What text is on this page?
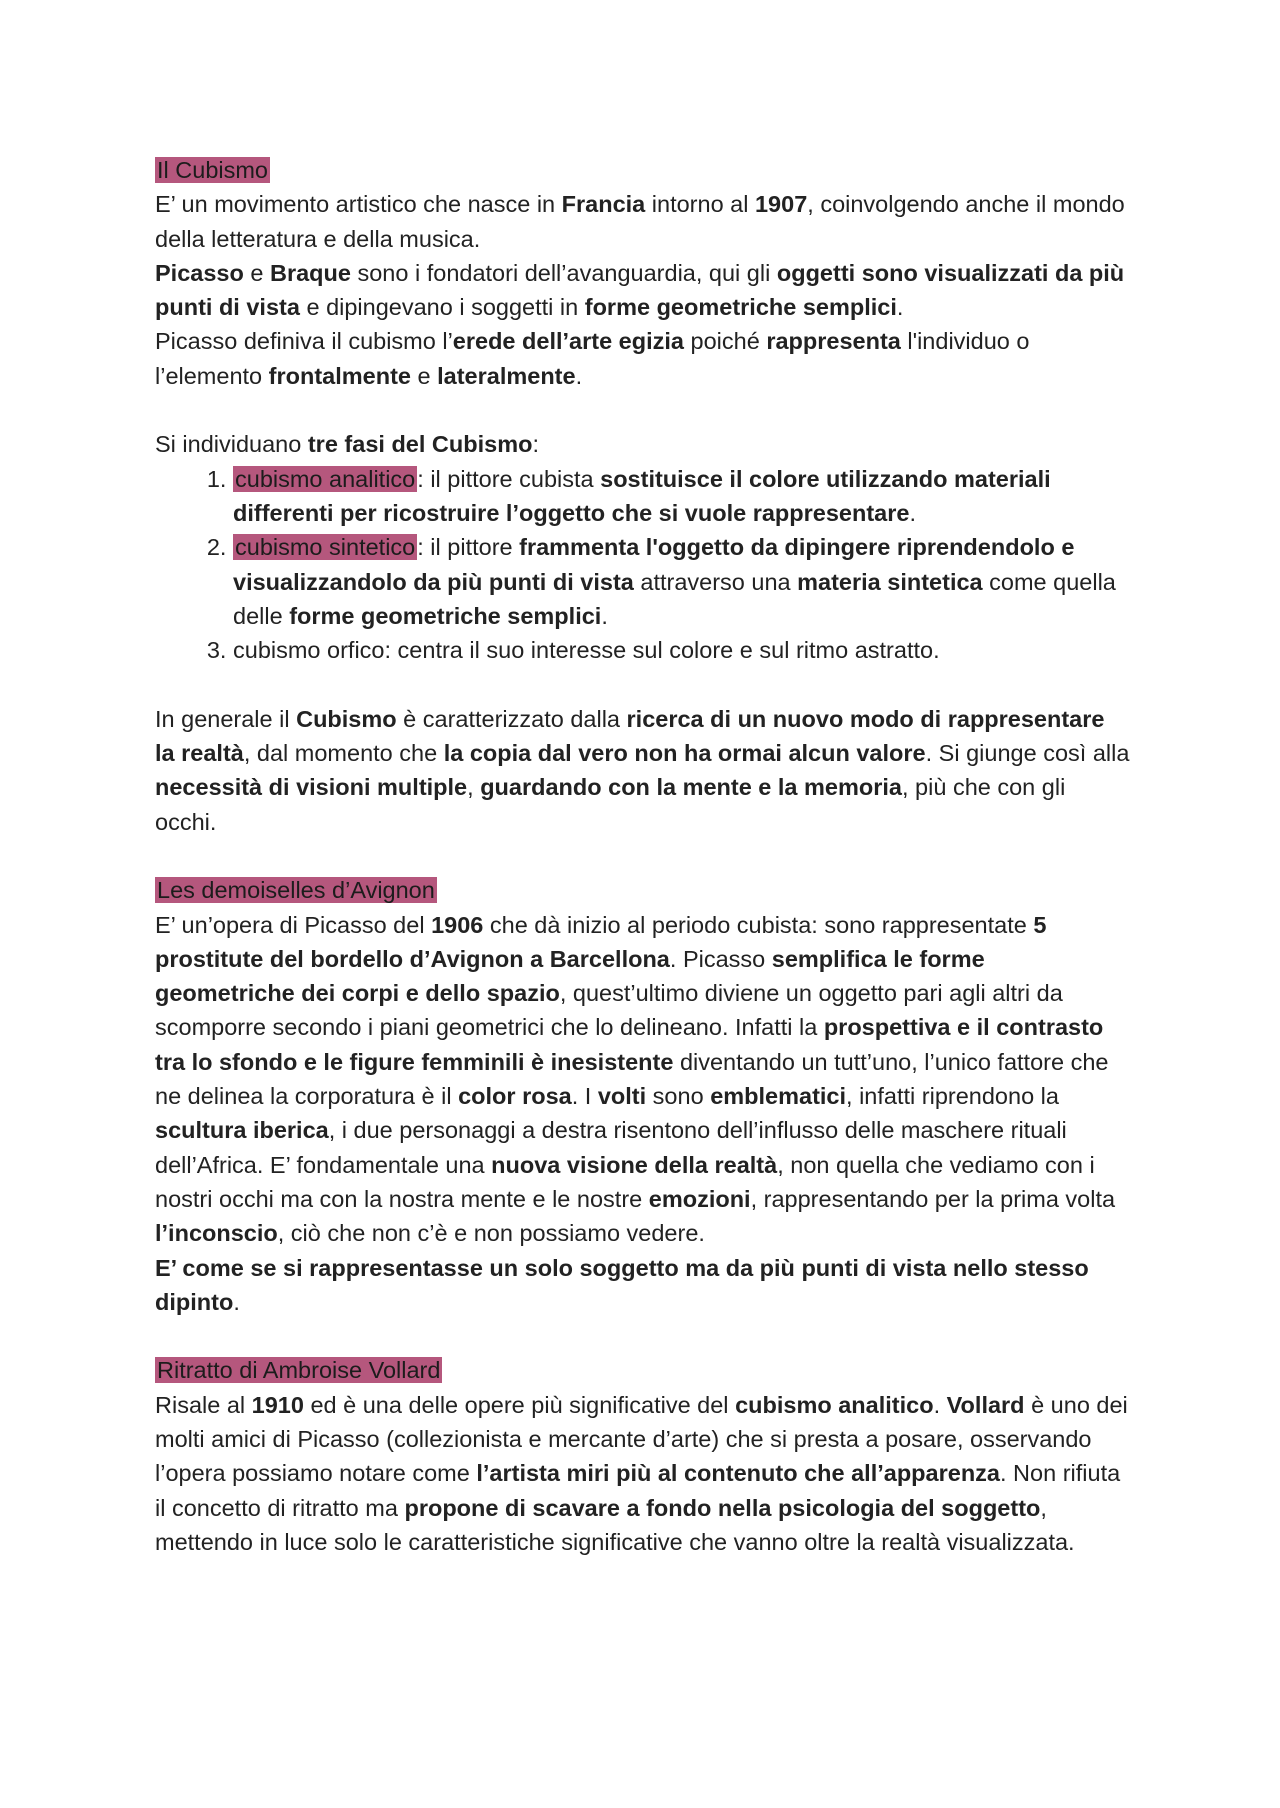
Il Cubismo

E’ un movimento artistico che nasce in Francia intorno al 1907, coinvolgendo anche il mondo della letteratura e della musica.

Picasso e Braque sono i fondatori dell’avanguardia, qui gli oggetti sono visualizzati da più punti di vista e dipingevano i soggetti in forme geometriche semplici.

Picasso definiva il cubismo l’erede dell’arte egizia poiché rappresenta l'individuo o l’elemento frontalmente e lateralmente.

Si individuano tre fasi del Cubismo:

1. cubismo analitico: il pittore cubista sostituisce il colore utilizzando materiali differenti per ricostruire l’oggetto che si vuole rappresentare.
2. cubismo sintetico: il pittore frammenta l'oggetto da dipingere riprendendolo e visualizzandolo da più punti di vista attraverso una materia sintetica come quella delle forme geometriche semplici.
3. cubismo orfico: centra il suo interesse sul colore e sul ritmo astratto.

In generale il Cubismo è caratterizzato dalla ricerca di un nuovo modo di rappresentare la realtà, dal momento che la copia dal vero non ha ormai alcun valore. Si giunge così alla necessità di visioni multiple, guardando con la mente e la memoria, più che con gli occhi.

Les demoiselles d’Avignon

E’ un’opera di Picasso del 1906 che dà inizio al periodo cubista: sono rappresentate 5 prostitute del bordello d’Avignon a Barcellona. Picasso semplifica le forme geometriche dei corpi e dello spazio, quest’ultimo diviene un oggetto pari agli altri da scomporre secondo i piani geometrici che lo delineano. Infatti la prospettiva e il contrasto tra lo sfondo e le figure femminili è inesistente diventando un tutt’uno, l’unico fattore che ne delinea la corporatura è il color rosa. I volti sono emblematici, infatti riprendono la scultura iberica, i due personaggi a destra risentono dell’influsso delle maschere rituali dell’Africa. E’ fondamentale una nuova visione della realtà, non quella che vediamo con i nostri occhi ma con la nostra mente e le nostre emozioni, rappresentando per la prima volta l’inconscio, ciò che non c’è e non possiamo vedere.

E’ come se si rappresentasse un solo soggetto ma da più punti di vista nello stesso dipinto.

Ritratto di Ambroise Vollard

Risale al 1910 ed è una delle opere più significative del cubismo analitico. Vollard è uno dei molti amici di Picasso (collezionista e mercante d’arte) che si presta a posare, osservando l’opera possiamo notare come l’artista miri più al contenuto che all’apparenza. Non rifiuta il concetto di ritratto ma propone di scavare a fondo nella psicologia del soggetto, mettendo in luce solo le caratteristiche significative che vanno oltre la realtà visualizzata.
